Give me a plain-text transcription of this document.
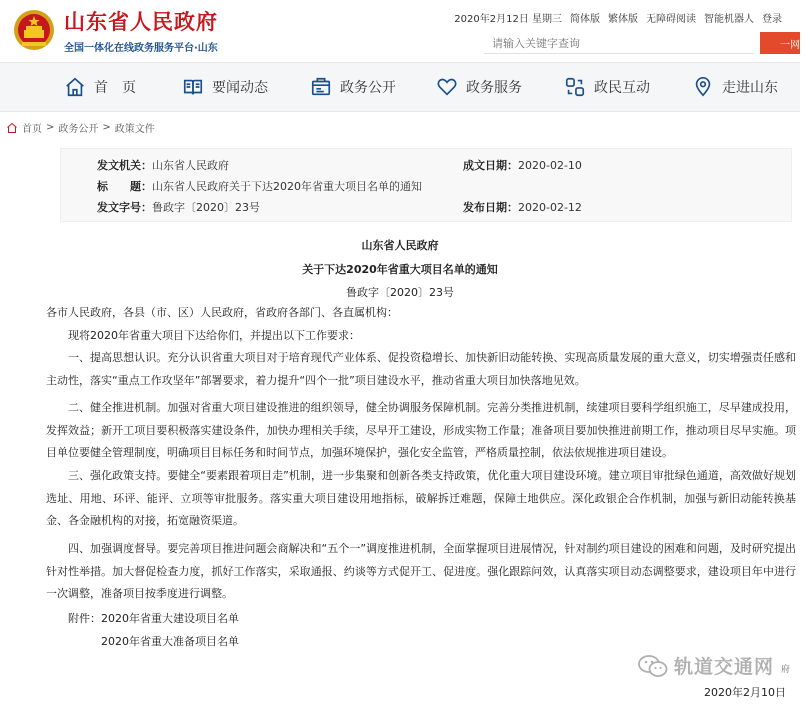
山东省人民政府
全国一体化在线政务服务平台·山东
2020年2月12日 星期三 简体版 繁体版 无障碍阅读 智能机器人 登录
请输入关键字查询
一网通
首　页	要闻动态	政务公开	政务服务	政民互动	走进山东
首页 > 政务公开 > 政策文件
发文机关：山东省人民政府	成文日期：2020-02-10
标　　题：山东省人民政府关于下达2020年省重大项目名单的通知
发文字号：鲁政字〔2020〕23号	发布日期：2020-02-12
山东省人民政府
关于下达2020年省重大项目名单的通知
鲁政字〔2020〕23号

各市人民政府，各县（市、区）人民政府，省政府各部门、各直属机构：

现将2020年省重大项目下达给你们，并提出以下工作要求：

一、提高思想认识。充分认识省重大项目对于培育现代产业体系、促投资稳增长、加快新旧动能转换、实现高质量发展的重大意义，切实增强责任感和主动性，落实“重点工作攻坚年”部署要求，着力提升“四个一批”项目建设水平，推动省重大项目加快落地见效。

二、健全推进机制。加强对省重大项目建设推进的组织领导，健全协调服务保障机制。完善分类推进机制，续建项目要科学组织施工，尽早建成投用，发挥效益；新开工项目要积极落实建设条件，加快办理相关手续，尽早开工建设，形成实物工作量；准备项目要加快推进前期工作，推动项目尽早实施。项目单位要健全管理制度，明确项目目标任务和时间节点，加强环境保护，强化安全监管，严格质量控制，依法依规推进项目建设。

三、强化政策支持。要健全“要素跟着项目走”机制，进一步集聚和创新各类支持政策，优化重大项目建设环境。建立项目审批绿色通道，高效做好规划选址、用地、环评、能评、立项等审批服务。落实重大项目建设用地指标，破解拆迁难题，保障土地供应。深化政银企合作机制，加强与新旧动能转换基金、各金融机构的对接，拓宽融资渠道。

四、加强调度督导。要完善项目推进问题会商解决和“五个一”调度推进机制，全面掌握项目进展情况，针对制约项目建设的困难和问题，及时研究提出针对性举措。加大督促检查力度，抓好工作落实，采取通报、约谈等方式促开工、促进度。强化跟踪问效，认真落实项目动态调整要求，建设项目年中进行一次调整，准备项目按季度进行调整。

附件：2020年省重大建设项目名单

2020年省重大准备项目名单

轨道交通网 府
2020年2月10日
